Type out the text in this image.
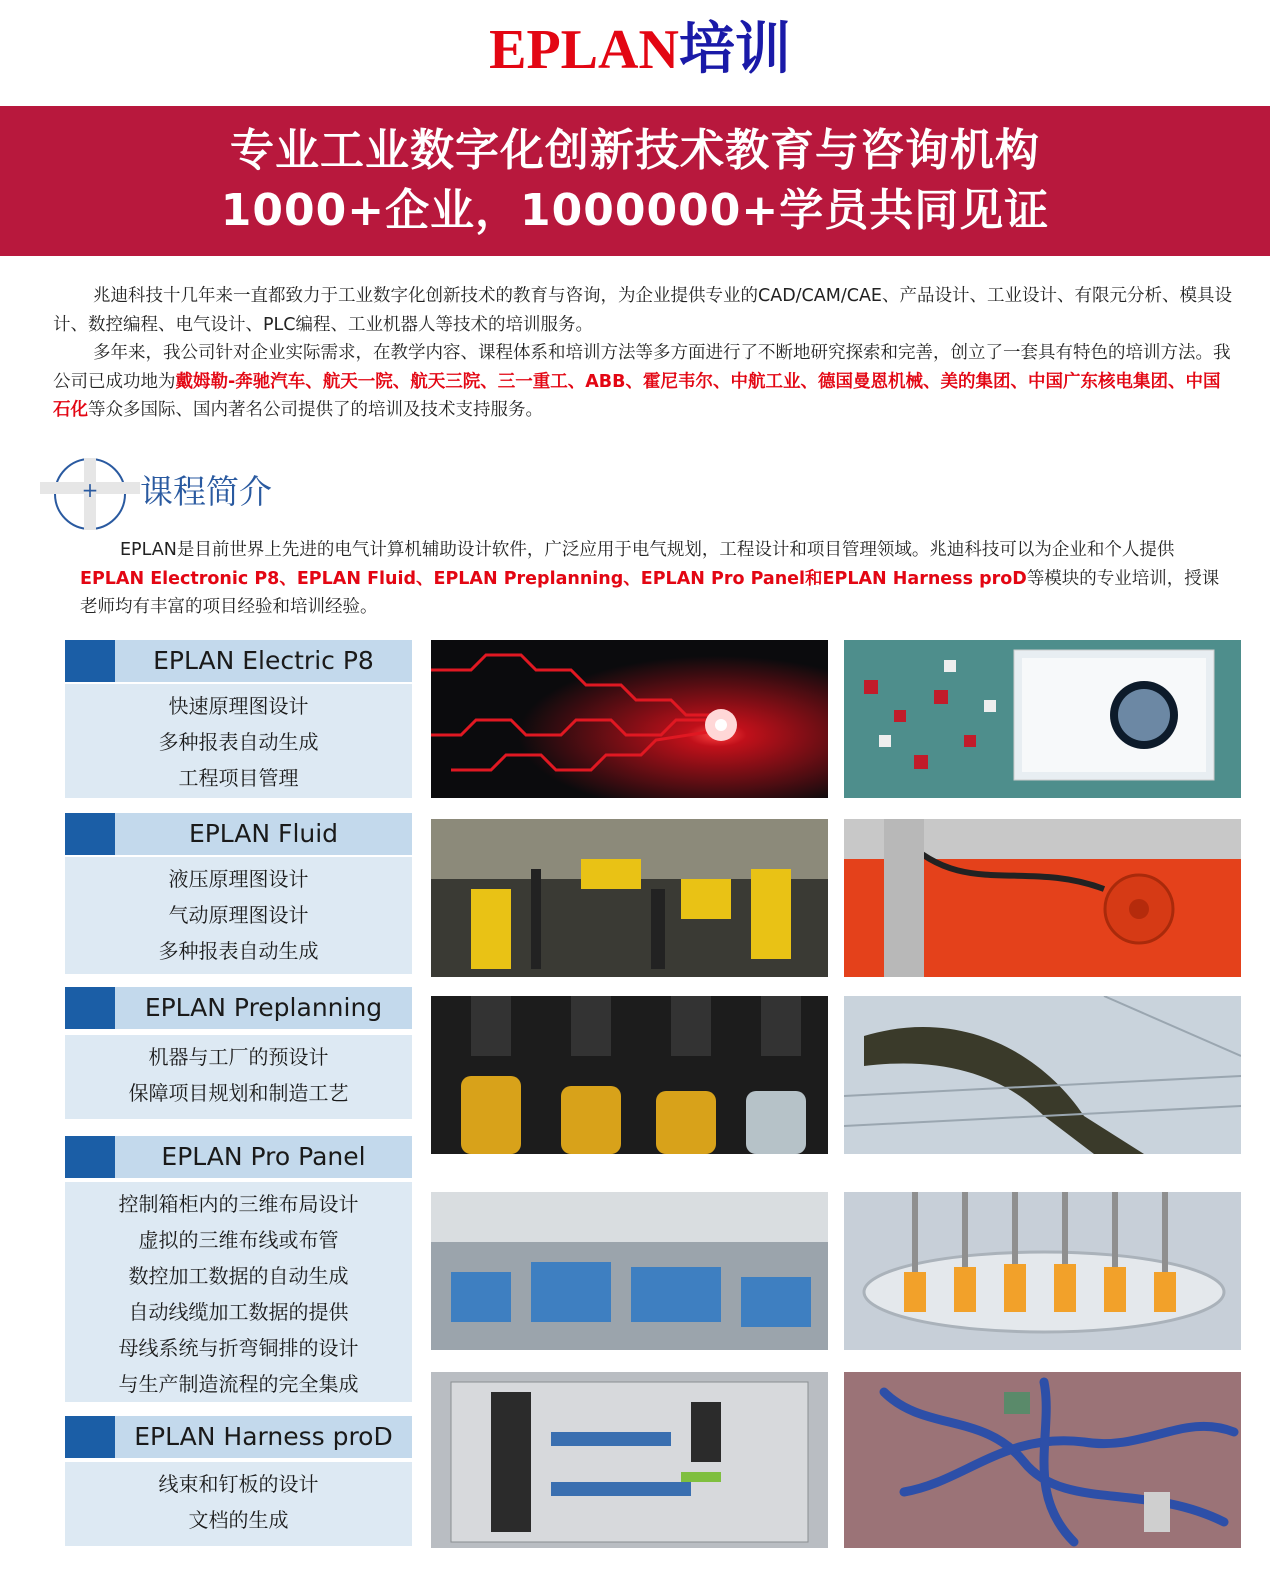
EPLAN培训
专业工业数字化创新技术教育与咨询机构
1000+企业，1000000+学员共同见证

兆迪科技十几年来一直都致力于工业数字化创新技术的教育与咨询，为企业提供专业的CAD/CAM/CAE、产品设计、工业设计、有限元分析、模具设计、数控编程、电气设计、PLC编程、工业机器人等技术的培训服务。

多年来，我公司针对企业实际需求，在教学内容、课程体系和培训方法等多方面进行了不断地研究探索和完善，创立了一套具有特色的培训方法。我公司已成功地为戴姆勒-奔驰汽车、航天一院、航天三院、三一重工、ABB、霍尼韦尔、中航工业、德国曼恩机械、美的集团、中国广东核电集团、中国石化等众多国际、国内著名公司提供了的培训及技术支持服务。

+ 课程简介

EPLAN是目前世界上先进的电气计算机辅助设计软件，广泛应用于电气规划，工程设计和项目管理领域。兆迪科技可以为企业和个人提供EPLAN Electronic P8、EPLAN Fluid、EPLAN Preplanning、EPLAN Pro Panel和EPLAN Harness proD等模块的专业培训，授课老师均有丰富的项目经验和培训经验。

EPLAN Electric P8
快速原理图设计
多种报表自动生成
工程项目管理
EPLAN Fluid
液压原理图设计
气动原理图设计
多种报表自动生成
EPLAN Preplanning
机器与工厂的预设计
保障项目规划和制造工艺
EPLAN Pro Panel
控制箱柜内的三维布局设计
虚拟的三维布线或布管
数控加工数据的自动生成
自动线缆加工数据的提供
母线系统与折弯铜排的设计
与生产制造流程的完全集成
EPLAN Harness proD
线束和钉板的设计
文档的生成
